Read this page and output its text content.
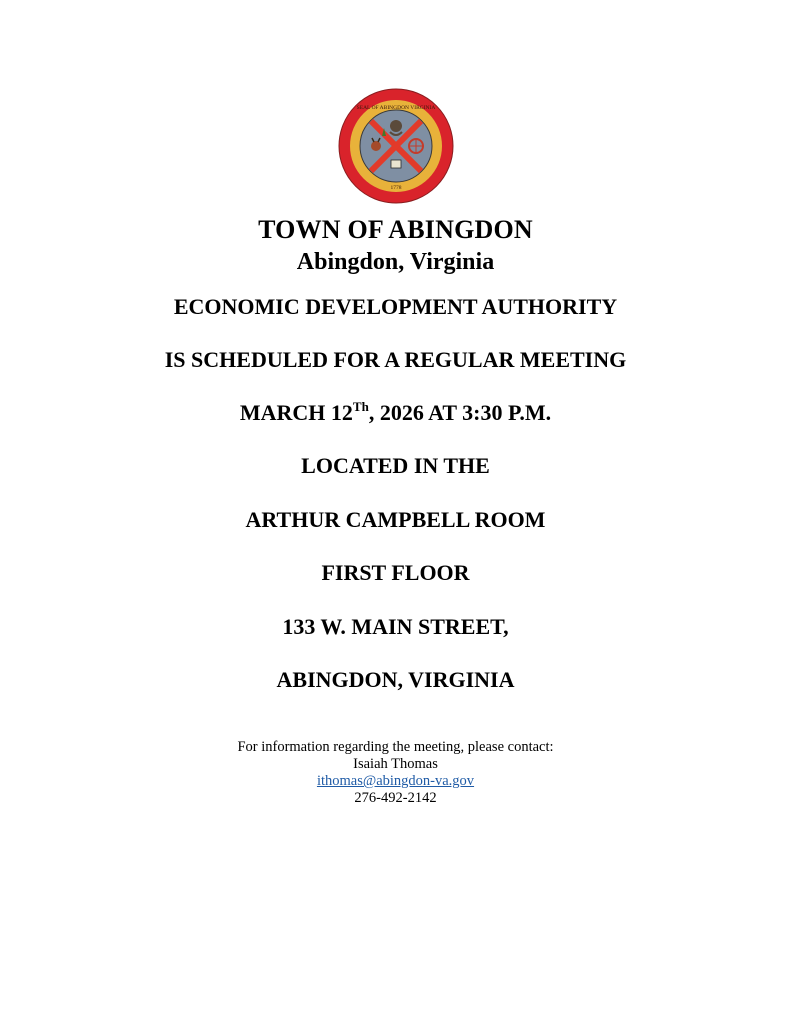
SEAL OF ABINGDON VIRGINIA
1778
TOWN OF ABINGDON
Abingdon, Virginia
ECONOMIC DEVELOPMENT AUTHORITY
IS SCHEDULED FOR A REGULAR MEETING
MARCH 12Th, 2026 AT 3:30 P.M.
LOCATED IN THE
ARTHUR CAMPBELL ROOM
FIRST FLOOR
133 W. MAIN STREET,
ABINGDON, VIRGINIA
For information regarding the meeting, please contact:
Isaiah Thomas
ithomas@abingdon-va.gov
276-492-2142
